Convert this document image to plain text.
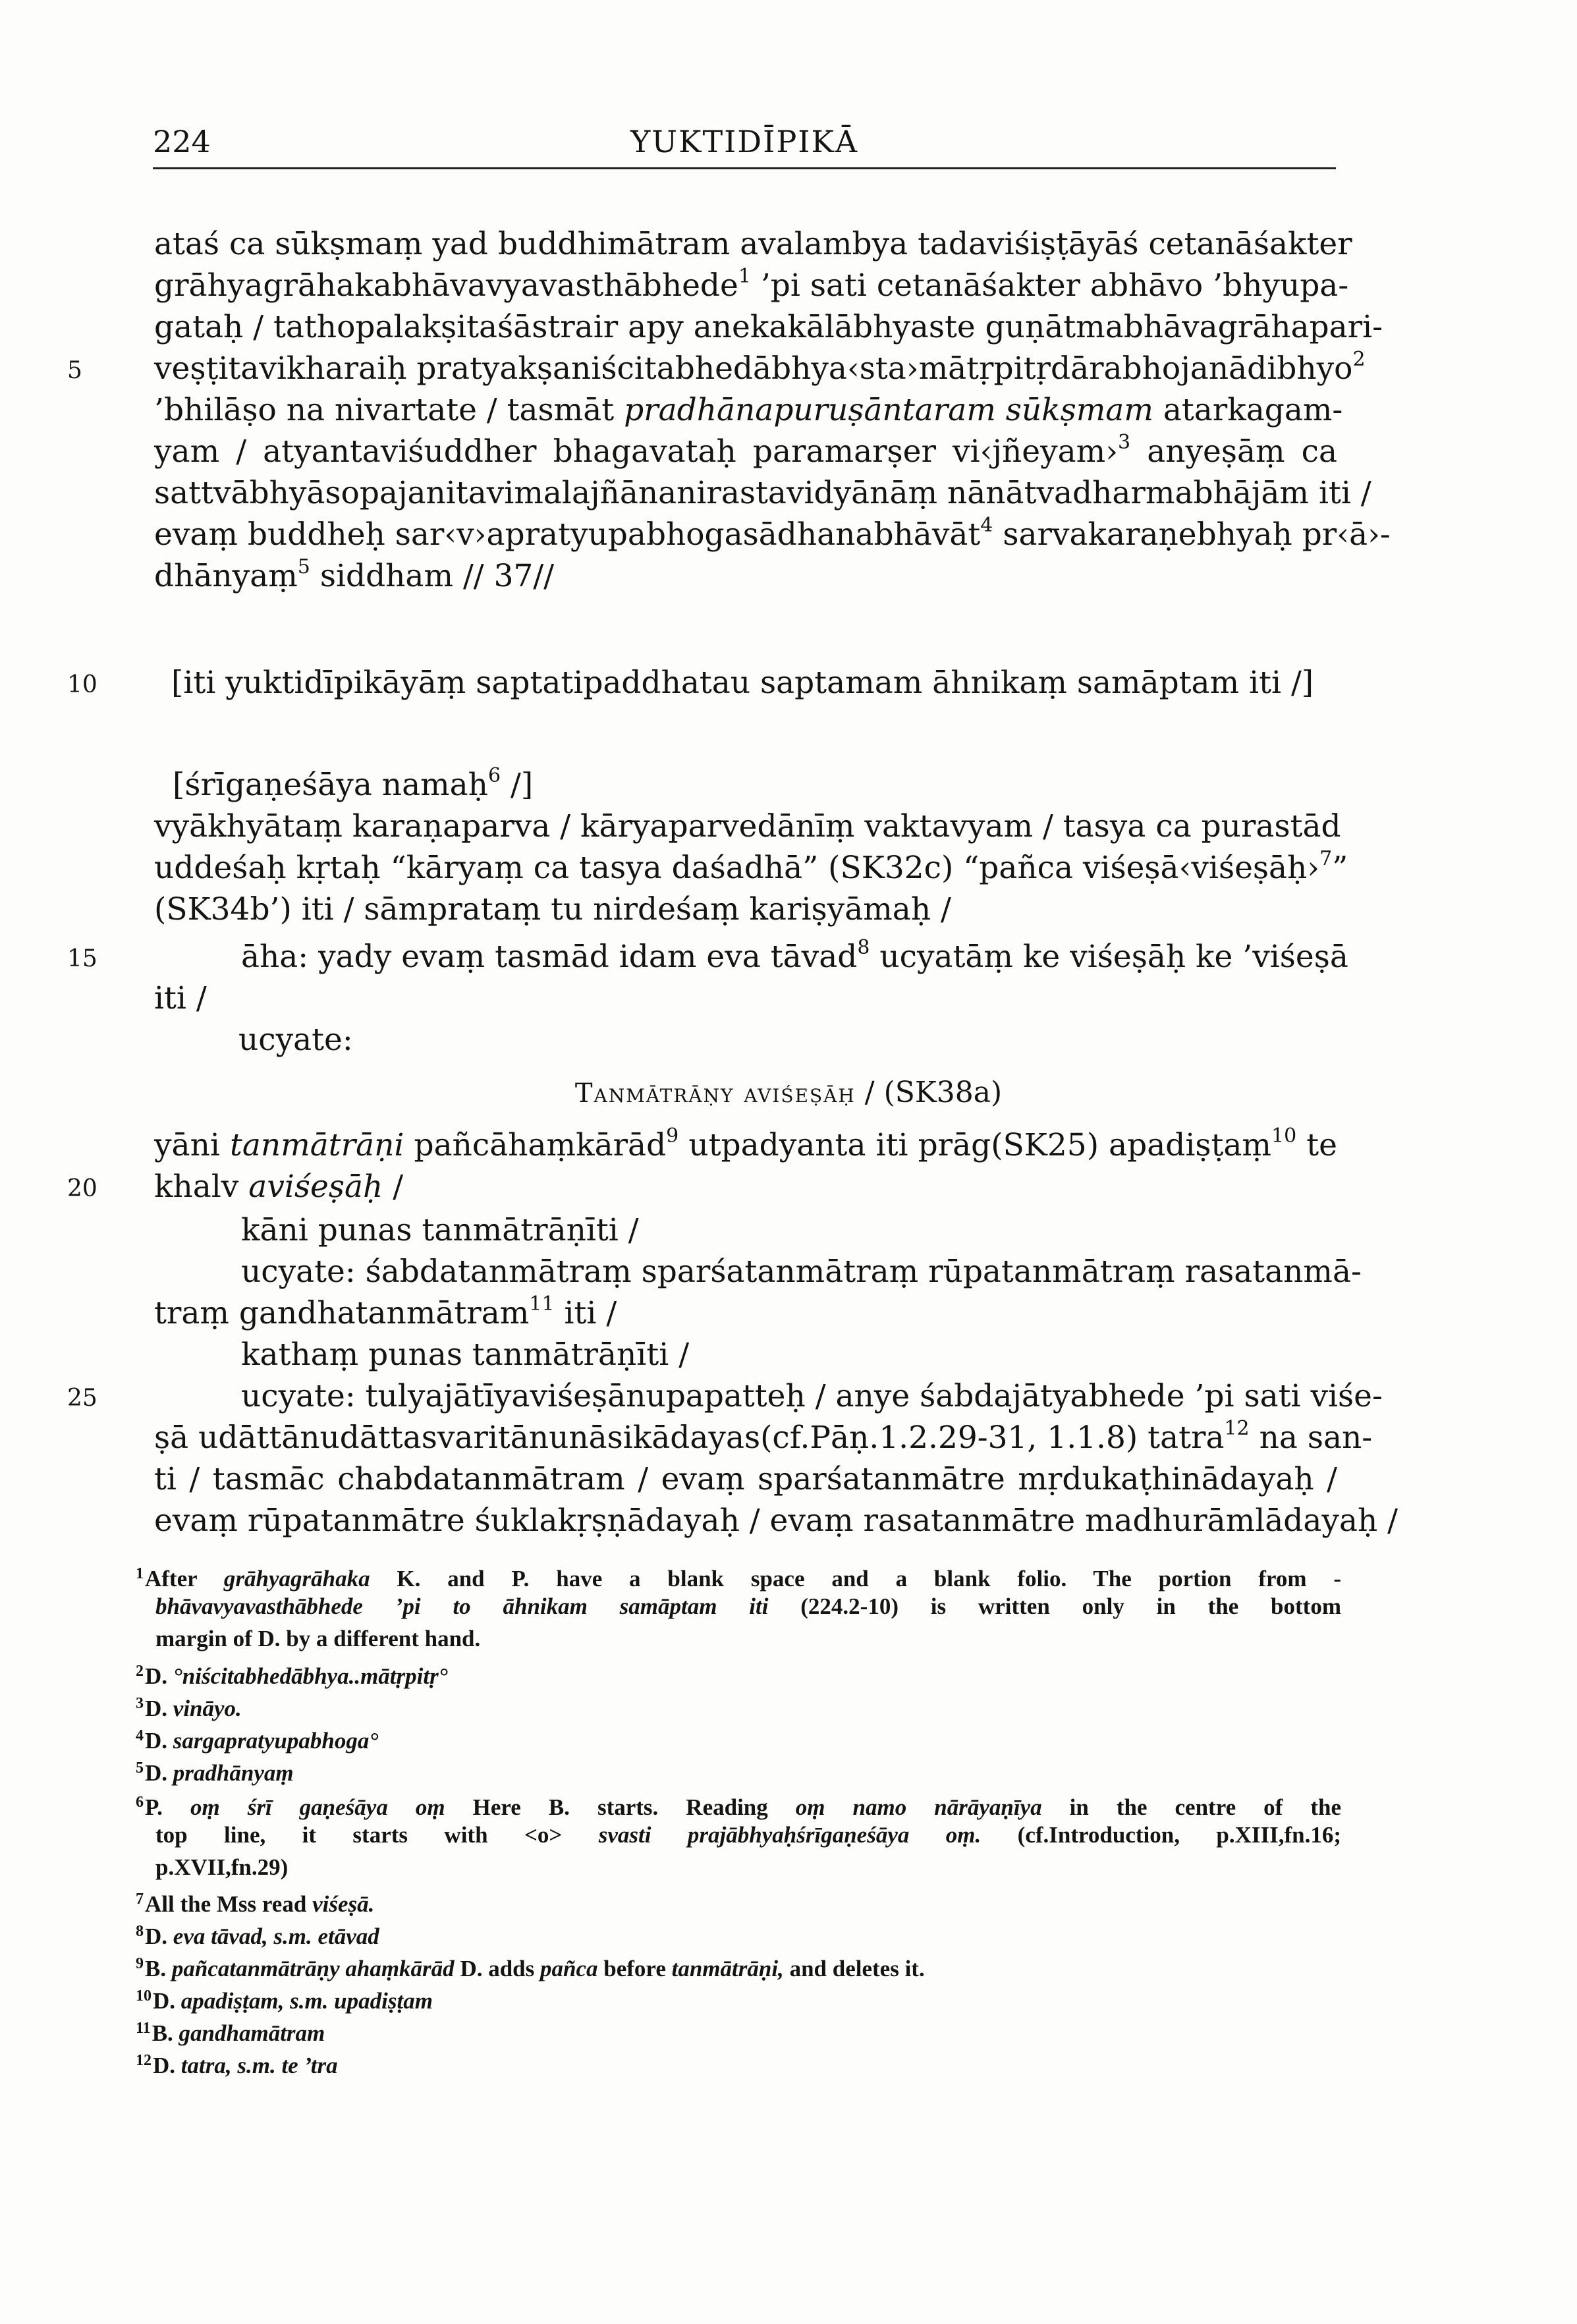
224	YUKTIDĪPIKĀ
5
10
15
20
25
ataś ca sūkṣmaṃ yad buddhimātram avalambya tadaviśiṣṭāyāś cetanāśakter
grāhyagrāhakabhāvavyavasthābhede$^1$ ’pi sati cetanāśakter abhāvo ’bhyupa-
gataḥ / tathopalakṣitaśāstrair apy anekakālābhyaste guṇātmabhāvagrāhapari-
veṣṭitavikharaiḥ pratyakṣaniścitabhedābhya‹sta›mātṛpitṛdārabhojanādibhyo$^2$
’bhilāṣo na nivartate / tasmāt pradhānapuruṣāntaram sūkṣmam atarkagam-
yam / atyantaviśuddher bhagavataḥ paramarṣer vi‹jñeyam›$^3$ anyeṣāṃ ca
sattvābhyāsopajanitavimalajñānanirastavidyānāṃ nānātvadharmabhājām iti /
evaṃ buddheḥ sar‹v›apratyupabhogasādhanabhāvāt$^4$ sarvakaraṇebhyaḥ pr‹ā›-
dhānyaṃ$^5$ siddham // 37//
[iti yuktidīpikāyāṃ saptatipaddhatau saptamam āhnikaṃ samāptam iti /]
[śrīgaṇeśāya namaḥ$^6$ /]
vyākhyātaṃ karaṇaparva / kāryaparvedānīṃ vaktavyam / tasya ca purastād
uddeśaḥ kṛtaḥ “kāryaṃ ca tasya daśadhā” (SK32c) “pañca viśeṣā‹viśeṣāḥ›$^7$”
(SK34b’) iti / sāmprataṃ tu nirdeśaṃ kariṣyāmaḥ /
āha: yady evaṃ tasmād idam eva tāvad$^8$ ucyatāṃ ke viśeṣāḥ ke ’viśeṣā
iti /
ucyate:
Tanmātrāṇy aviśeṣāḥ / (SK38a)
yāni tanmātrāṇi pañcāhaṃkārād$^9$ utpadyanta iti prāg(SK25) apadiṣṭaṃ$^{10}$ te
khalv aviśeṣāḥ /
kāni punas tanmātrāṇīti /
ucyate: śabdatanmātraṃ sparśatanmātraṃ rūpatanmātraṃ rasatanmā-
traṃ gandhatanmātram$^{11}$ iti /
kathaṃ punas tanmātrāṇīti /
ucyate: tulyajātīyaviśeṣānupapatteḥ / anye śabdajātyabhede ’pi sati viśe-
ṣā udāttānudāttasvaritānunāsikādayas(cf.Pāṇ.1.2.29-31, 1.1.8) tatra$^{12}$ na san-
ti / tasmāc chabdatanmātram / evaṃ sparśatanmātre mṛdukaṭhinādayaḥ /
evaṃ rūpatanmātre śuklakṛṣṇādayaḥ / evaṃ rasatanmātre madhurāmlādayaḥ /
$^1$After grāhyagrāhaka K. and P. have a blank space and a blank folio. The portion from -
bhāvavyavasthābhede ’pi to āhnikam samāptam iti (224.2-10) is written only in the bottom
margin of D. by a different hand.
$^2$D. °niścitabhedābhya..mātṛpitṛ°
$^3$D. vināyo.
$^4$D. sargapratyupabhoga°
$^5$D. pradhānyaṃ
$^6$P. oṃ śrī gaṇeśāya oṃ Here B. starts. Reading oṃ namo nārāyaṇīya in the centre of the
top line, it starts with <o> svasti prajābhyaḥśrīgaṇeśāya oṃ. (cf.Introduction, p.XIII,fn.16;
p.XVII,fn.29)
$^7$All the Mss read viśeṣā.
$^8$D. eva tāvad, s.m. etāvad
$^9$B. pañcatanmātrāṇy ahaṃkārād D. adds pañca before tanmātrāṇi, and deletes it.
$^{10}$D. apadiṣṭam, s.m. upadiṣṭam
$^{11}$B. gandhamātram
$^{12}$D. tatra, s.m. te ’tra
